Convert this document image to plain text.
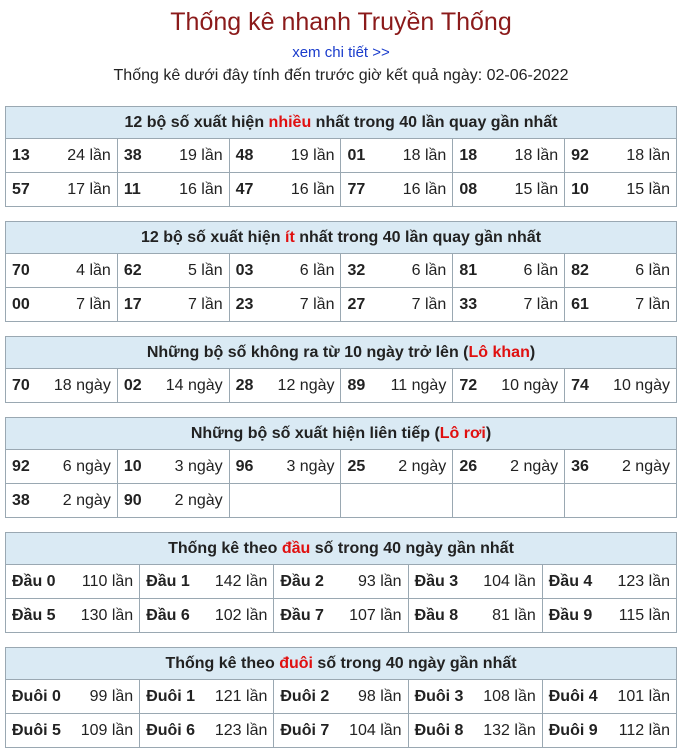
Thống kê nhanh Truyền Thống
xem chi tiết >>
Thống kê dưới đây tính đến trước giờ kết quả ngày: 02-06-2022
12 bộ số xuất hiện nhiều nhất trong 40 lần quay gần nhất					

13 24 lần	38 19 lần	48 19 lần	01 18 lần	18 18 lần	92 18 lần

57 17 lần	11 16 lần	47 16 lần	77 16 lần	08 15 lần	10 15 lần
12 bộ số xuất hiện ít nhất trong 40 lần quay gần nhất					

70 4 lần	62 5 lần	03 6 lần	32 6 lần	81 6 lần	82 6 lần

00 7 lần	17 7 lần	23 7 lần	27 7 lần	33 7 lần	61 7 lần
Những bộ số không ra từ 10 ngày trở lên (Lô khan)

70 18 ngày	02 14 ngày	28 12 ngày	89 11 ngày	72 10 ngày	74 10 ngày
Những bộ số xuất hiện liên tiếp (Lô rơi)					

92 6 ngày	10 3 ngày	96 3 ngày	25 2 ngày	26 2 ngày	36 2 ngày

38 2 ngày	90 2 ngày				

Thống kê theo đầu số trong 40 ngày gần nhất				

Đầu 0 110 lần	Đầu 1 142 lần	Đầu 2 93 lần	Đầu 3 104 lần	Đầu 4 123 lần

Đầu 5 130 lần	Đầu 6 102 lần	Đầu 7 107 lần	Đầu 8 81 lần	Đầu 9 115 lần
Thống kê theo đuôi số trong 40 ngày gần nhất				

Đuôi 0 99 lần	Đuôi 1 121 lần	Đuôi 2 98 lần	Đuôi 3 108 lần	Đuôi 4 101 lần

Đuôi 5 109 lần	Đuôi 6 123 lần	Đuôi 7 104 lần	Đuôi 8 132 lần	Đuôi 9 112 lần
